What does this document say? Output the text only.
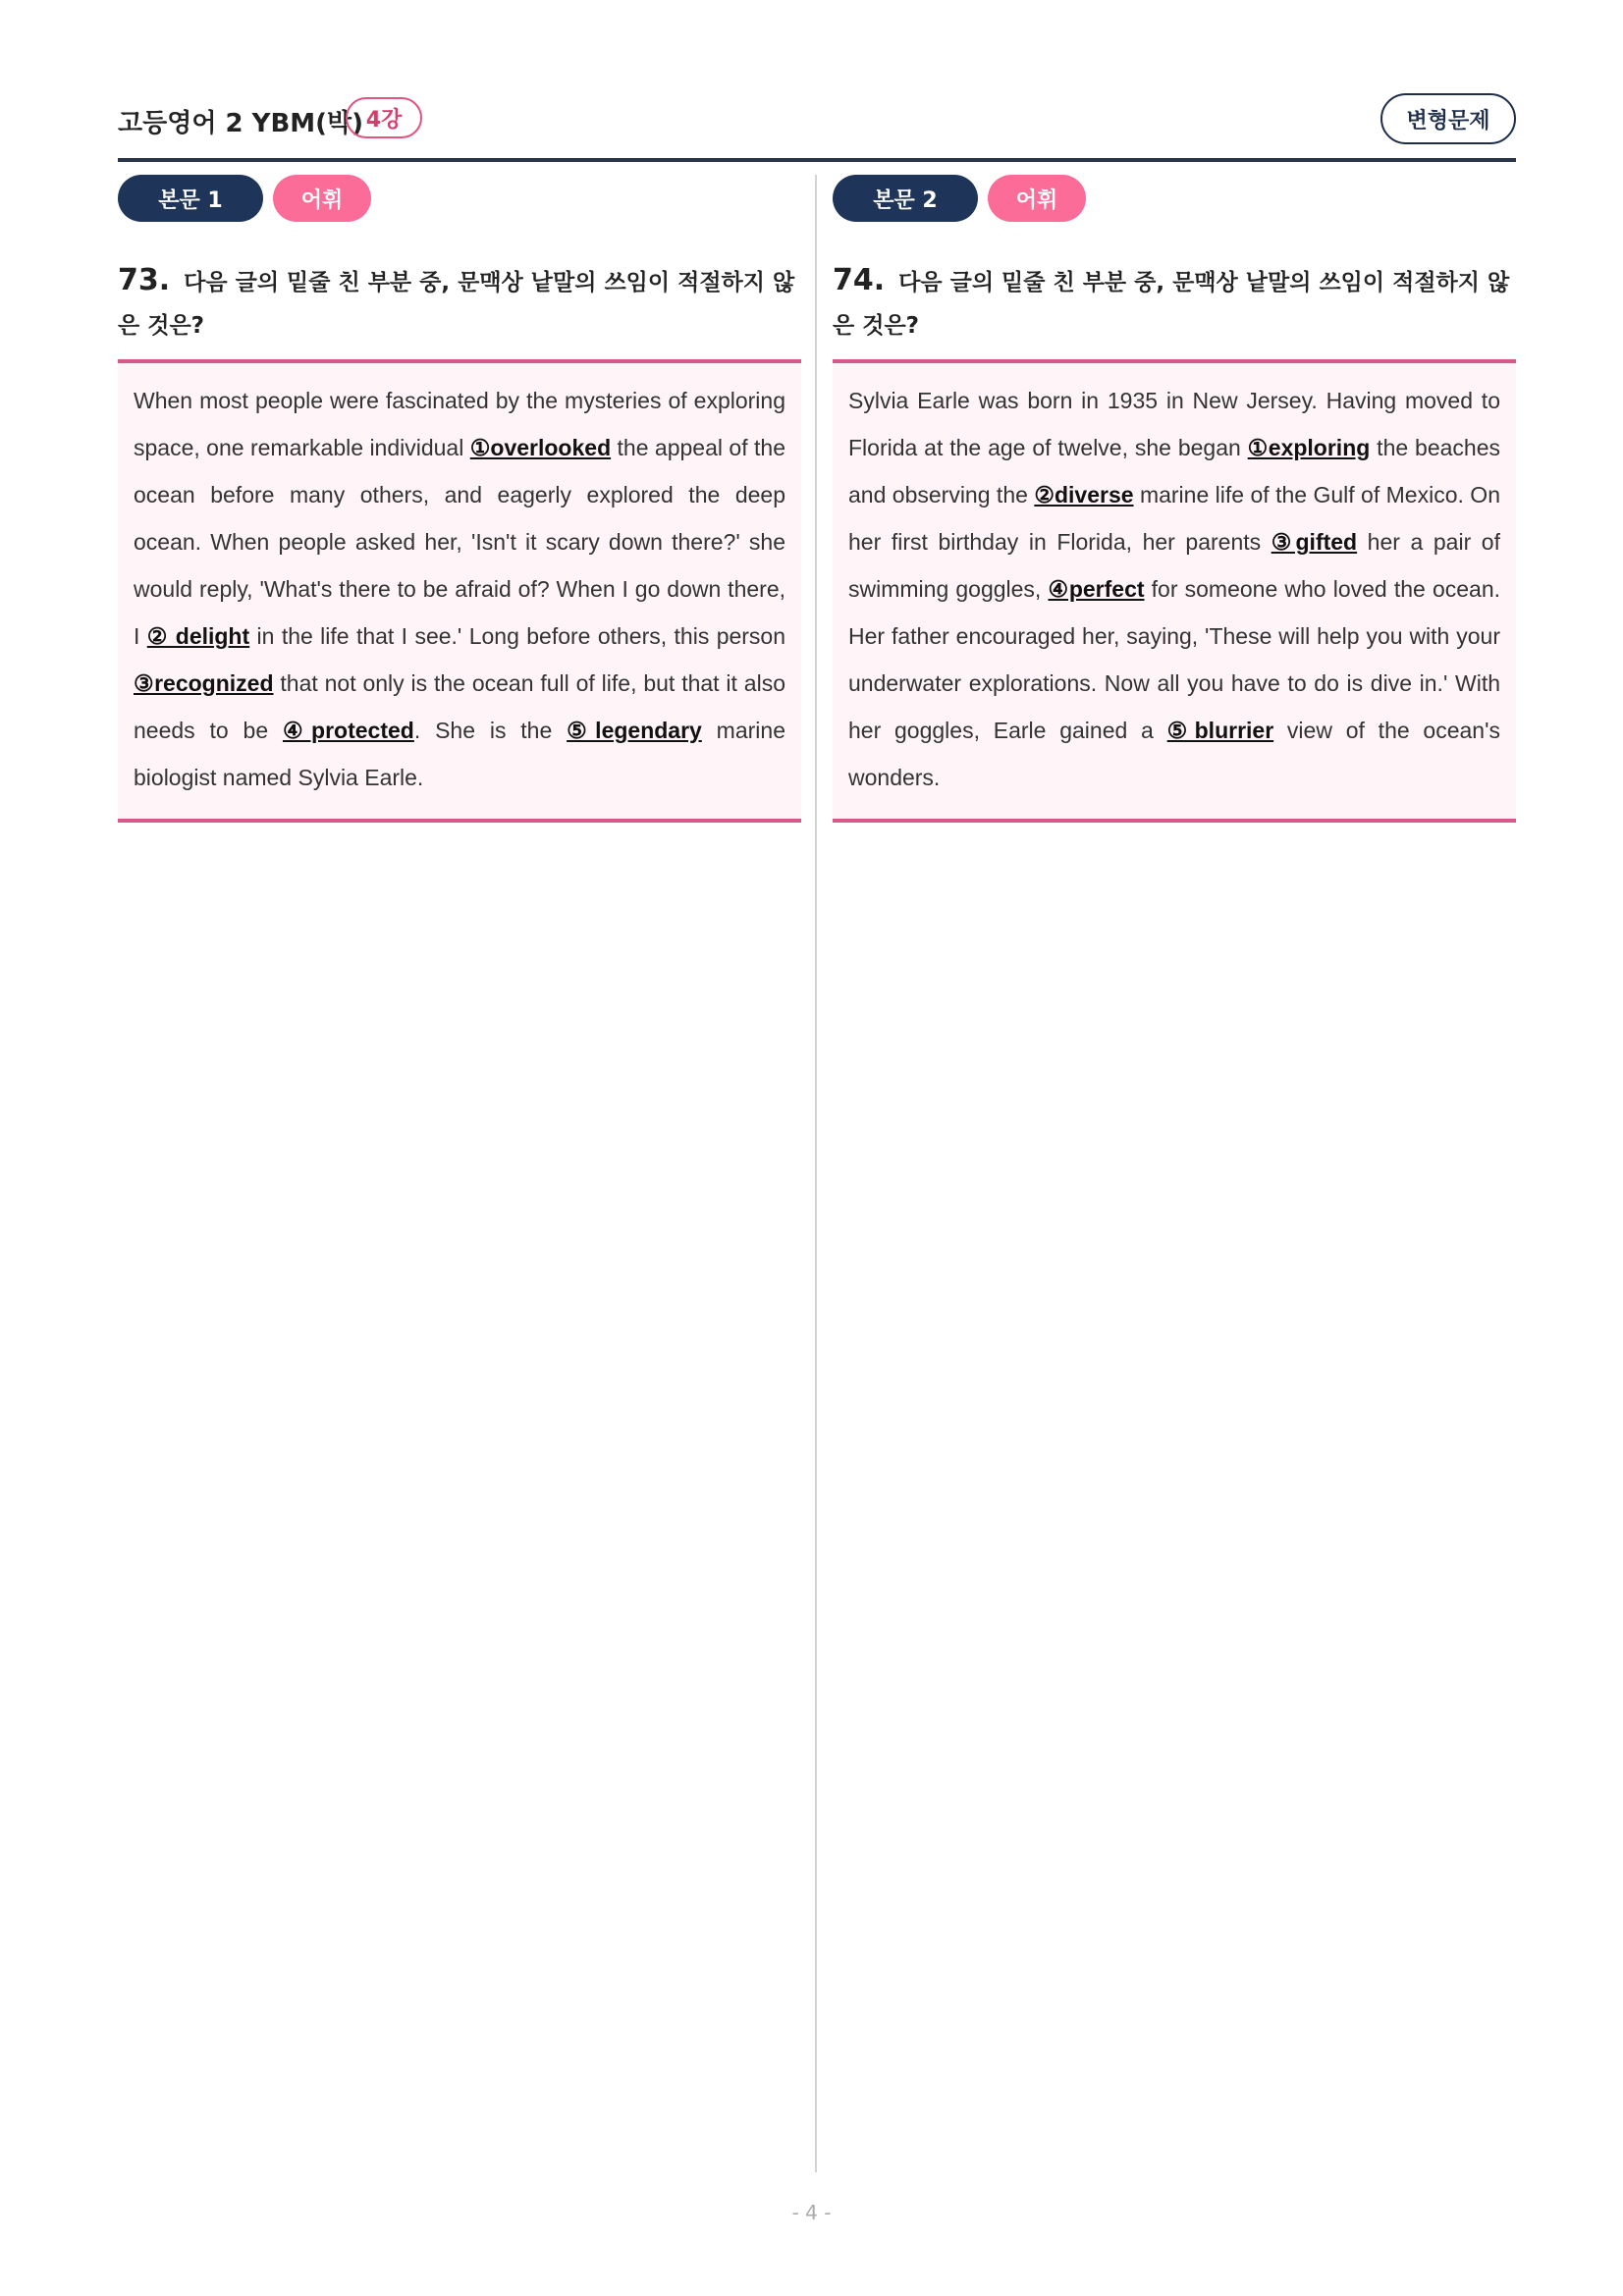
고등영어 2 YBM(박) 4강	변형문제
본문 1	어휘
73. 다음 글의 밑줄 친 부분 중, 문맥상 낱말의 쓰임이 적절하지 않은 것은?
When most people were fascinated by the mysteries of exploring space, one remarkable individual ①overlooked the appeal of the ocean before many others, and eagerly explored the deep ocean. When people asked her, 'Isn't it scary down there?' she would reply, 'What's there to be afraid of? When I go down there, I ② delight in the life that I see.' Long before others, this person ③recognized that not only is the ocean full of life, but that it also needs to be ④protected. She is the ⑤legendary marine biologist named Sylvia Earle.
본문 2	어휘
74. 다음 글의 밑줄 친 부분 중, 문맥상 낱말의 쓰임이 적절하지 않은 것은?
Sylvia Earle was born in 1935 in New Jersey. Having moved to Florida at the age of twelve, she began ①exploring the beaches and observing the ②diverse marine life of the Gulf of Mexico. On her first birthday in Florida, her parents ③gifted her a pair of swimming goggles, ④perfect for someone who loved the ocean. Her father encouraged her, saying, 'These will help you with your underwater explorations. Now all you have to do is dive in.' With her goggles, Earle gained a ⑤blurrier view of the ocean's wonders.
- 4 -
